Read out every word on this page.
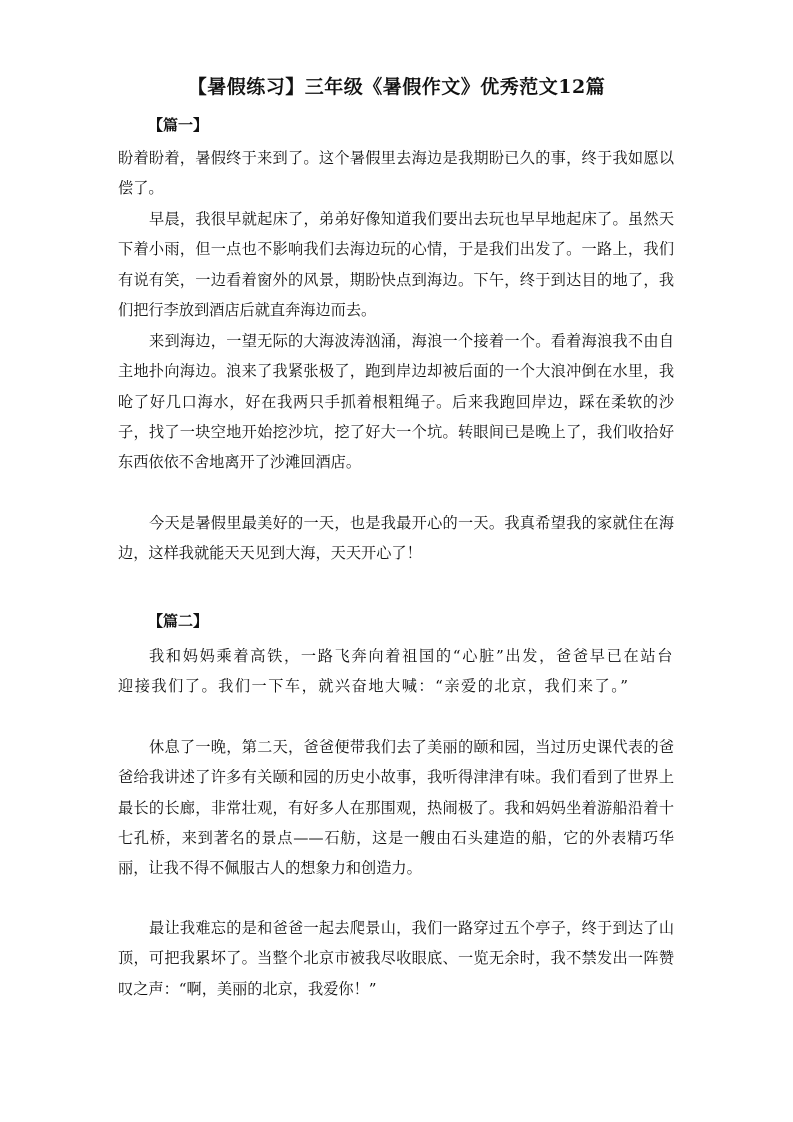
【暑假练习】三年级《暑假作文》优秀范文12篇
【篇一】

盼着盼着，暑假终于来到了。这个暑假里去海边是我期盼已久的事，终于我如愿以偿了。

早晨，我很早就起床了，弟弟好像知道我们要出去玩也早早地起床了。虽然天下着小雨，但一点也不影响我们去海边玩的心情，于是我们出发了。一路上，我们有说有笑，一边看着窗外的风景，期盼快点到海边。下午，终于到达目的地了，我们把行李放到酒店后就直奔海边而去。

来到海边，一望无际的大海波涛汹涌，海浪一个接着一个。看着海浪我不由自主地扑向海边。浪来了我紧张极了，跑到岸边却被后面的一个大浪冲倒在水里，我呛了好几口海水，好在我两只手抓着根粗绳子。后来我跑回岸边，踩在柔软的沙子，找了一块空地开始挖沙坑，挖了好大一个坑。转眼间已是晚上了，我们收拾好东西依依不舍地离开了沙滩回酒店。

今天是暑假里最美好的一天，也是我最开心的一天。我真希望我的家就住在海边，这样我就能天天见到大海，天天开心了！

【篇二】

我和妈妈乘着高铁，一路飞奔向着祖国的“心脏”出发，爸爸早已在站台迎接我们了。我们一下车，就兴奋地大喊：“亲爱的北京，我们来了。”

休息了一晚，第二天，爸爸便带我们去了美丽的颐和园，当过历史课代表的爸爸给我讲述了许多有关颐和园的历史小故事，我听得津津有味。我们看到了世界上最长的长廊，非常壮观，有好多人在那围观，热闹极了。我和妈妈坐着游船沿着十七孔桥，来到著名的景点——石舫，这是一艘由石头建造的船，它的外表精巧华丽，让我不得不佩服古人的想象力和创造力。

最让我难忘的是和爸爸一起去爬景山，我们一路穿过五个亭子，终于到达了山顶，可把我累坏了。当整个北京市被我尽收眼底、一览无余时，我不禁发出一阵赞叹之声：“啊，美丽的北京，我爱你！”
